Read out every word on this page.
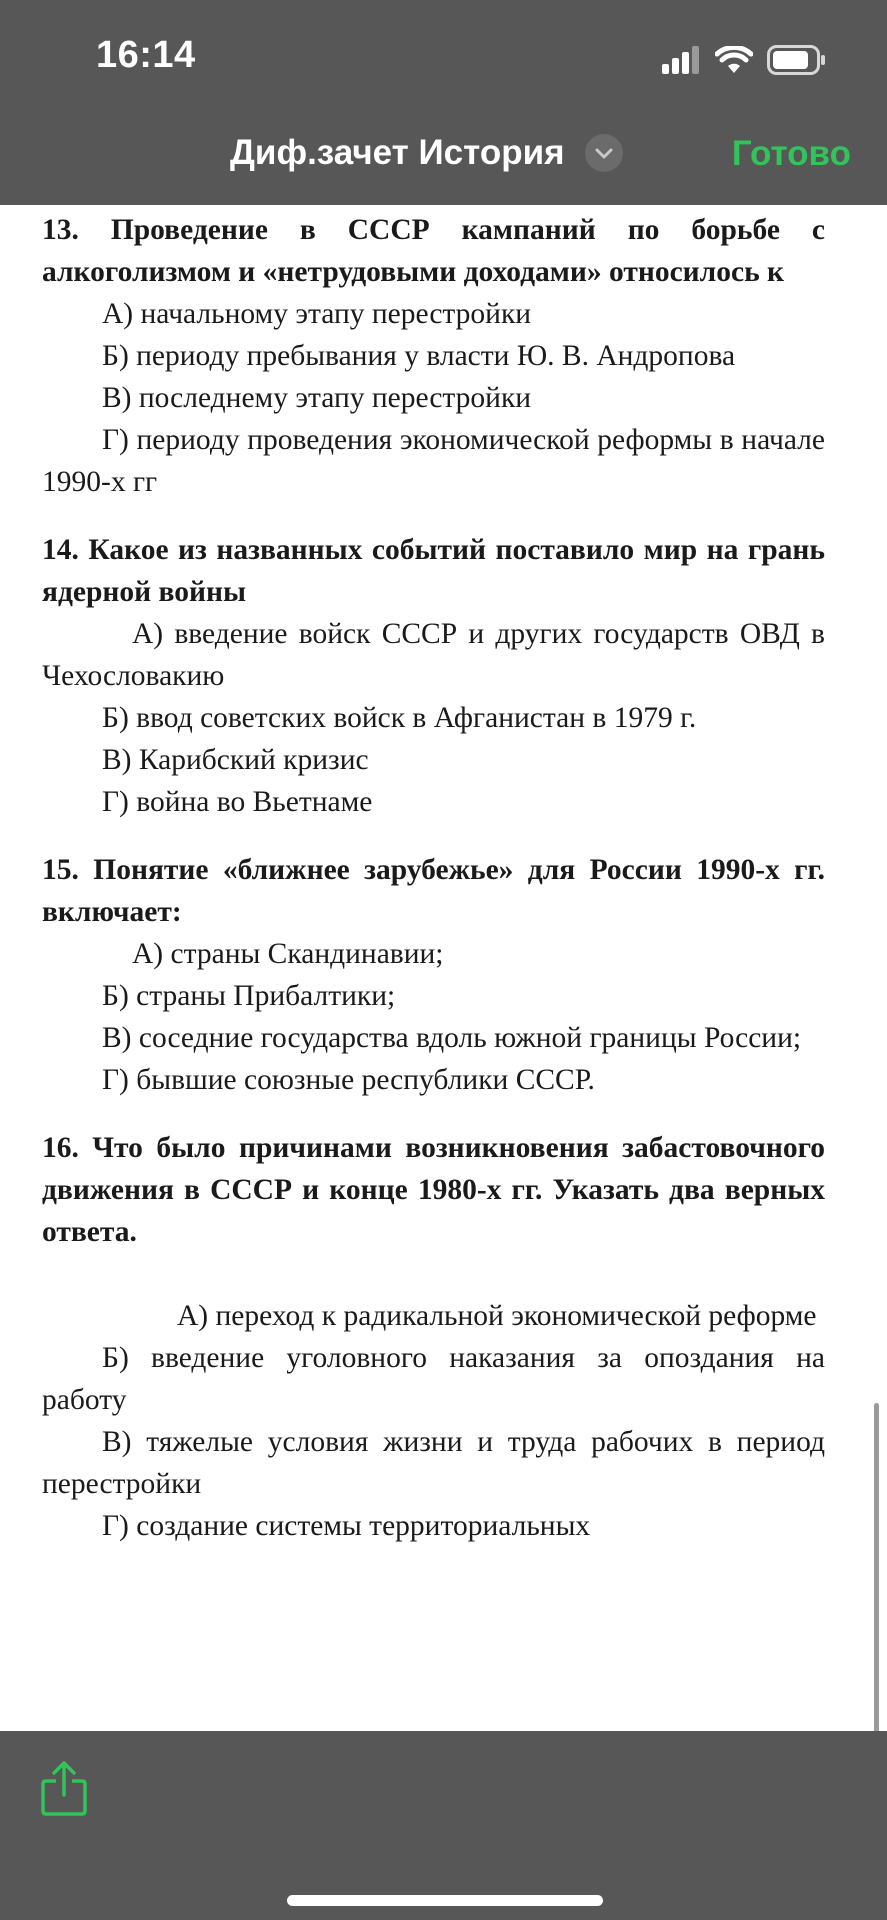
16:14
Диф.зачет История	Готово

13. Проведение в СССР кампаний по борьбе с алкоголизмом и «нетрудовыми доходами» относилось к

А) начальному этапу перестройки

Б) периоду пребывания у власти Ю. В. Андропова

В) последнему этапу перестройки

Г) периоду проведения экономической реформы в начале 1990-х гг

14. Какое из названных событий поставило мир на грань ядерной войны

А) введение войск СССР и других государств ОВД в Чехословакию

Б) ввод советских войск в Афганистан в 1979 г.

В) Карибский кризис

Г) война во Вьетнаме

15. Понятие «ближнее зарубежье» для России 1990-х гг. включает:

А) страны Скандинавии;

Б) страны Прибалтики;

В) соседние государства вдоль южной границы России;

Г) бывшие союзные республики СССР.

16. Что было причинами возникновения забастовочного движения в СССР и конце 1980-х гг. Указать два верных ответа.

А) переход к радикальной экономической реформе

Б) введение уголовного наказания за опоздания на работу

В) тяжелые условия жизни и труда рабочих в период перестройки

Г) создание системы территориальных
